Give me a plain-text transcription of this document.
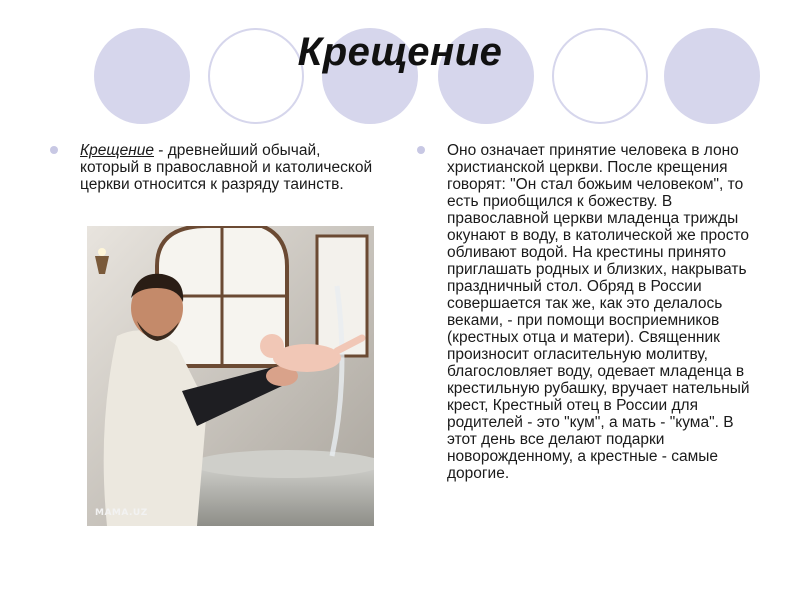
Крещение
Крещение - древнейший обычай, который в православной и католической церкви относится к разряду таинств.
MAMA.UZ
Оно означает принятие человека в лоно христианской церкви. После крещения говорят: "Он стал божьим человеком", то есть приобщился к божеству. В православной церкви младенца трижды окунают в воду, в католической же просто обливают водой. На крестины принято приглашать родных и близких, накрывать праздничный стол. Обряд в России совершается так же, как это делалось веками, - при помощи восприемников (крестных отца и матери). Священник произносит огласительную молитву, благословляет воду, одевает младенца в крестильную рубашку, вручает нательный крест, Крестный отец в России для родителей - это "кум", а мать - "кума". В этот день все делают подарки новорожденному, а крестные - самые дорогие.
